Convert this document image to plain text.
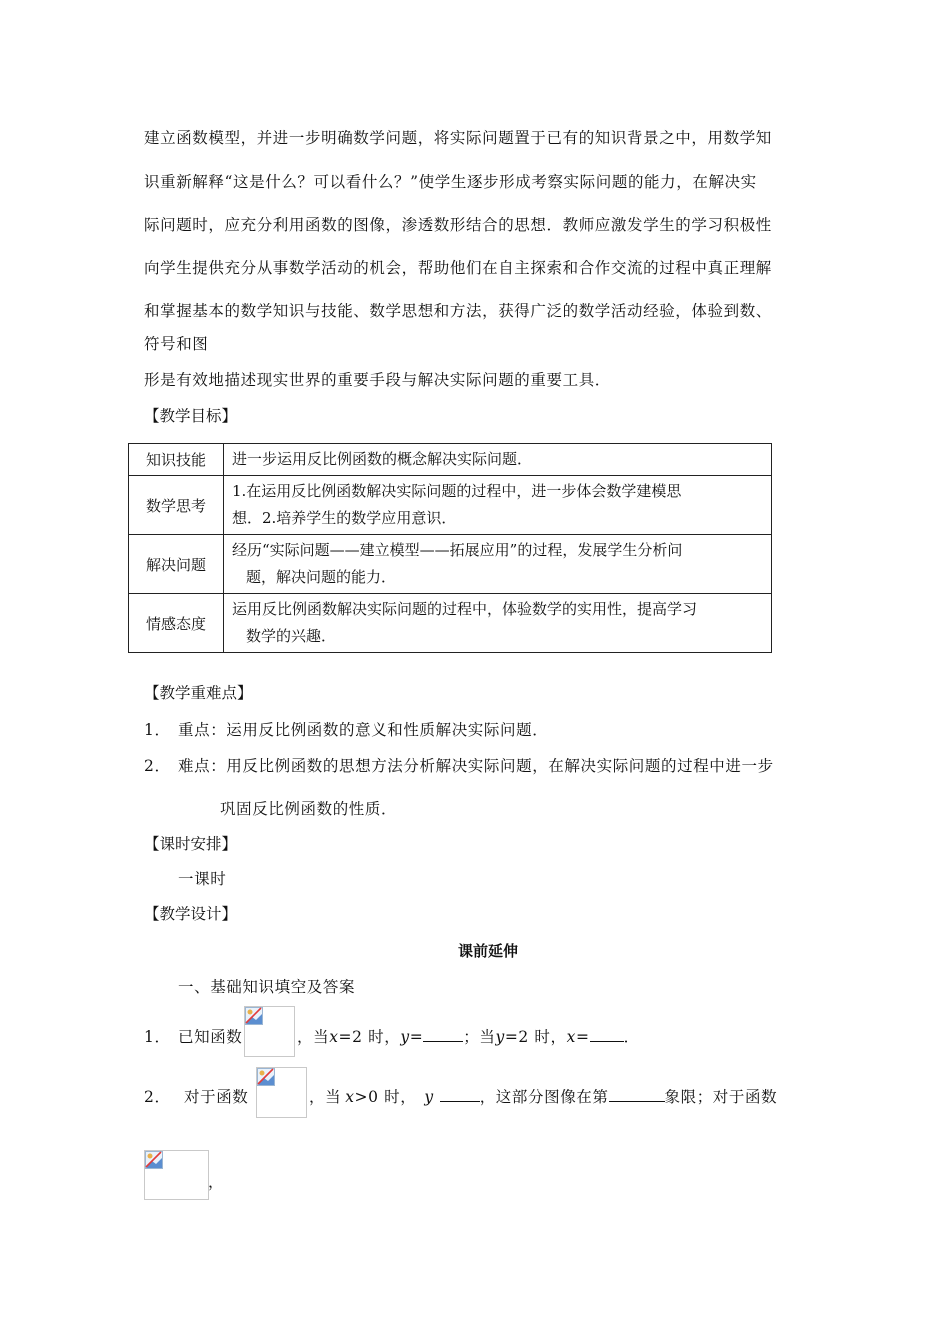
建立函数模型，并进一步明确数学问题，将实际问题置于已有的知识背景之中，用数学知
识重新解释“这是什么？可以看什么？”使学生逐步形成考察实际问题的能力，在解决实
际问题时，应充分利用函数的图像，渗透数形结合的思想．教师应激发学生的学习积极性
向学生提供充分从事数学活动的机会，帮助他们在自主探索和合作交流的过程中真正理解
和掌握基本的数学知识与技能、数学思想和方法，获得广泛的数学活动经验，体验到数、
符号和图
形是有效地描述现实世界的重要手段与解决实际问题的重要工具．
【教学目标】
知识技能	进一步运用反比例函数的概念解决实际问题．

数学思考	1.在运用反比例函数解决实际问题的过程中，进一步体会数学建模思
想．2.培养学生的数学应用意识．

解决问题	经历“实际问题——建立模型——拓展应用”的过程，发展学生分析问
题，解决问题的能力．

情感态度	运用反比例函数解决实际问题的过程中，体验数学的实用性，提高学习
数学的兴趣．
【教学重难点】
1． 重点：运用反比例函数的意义和性质解决实际问题．
2． 难点：用反比例函数的思想方法分析解决实际问题，在解决实际问题的过程中进一步
巩固反比例函数的性质．
【课时安排】
一课时
【教学设计】
课前延伸
一、基础知识填空及答案
1． 已知函数	，当x=2 时，y=	；当y=2 时，x= ．
2． 对于函数	，当 x>0 时， y	，这部分图像在第	象限；对于函数
，
